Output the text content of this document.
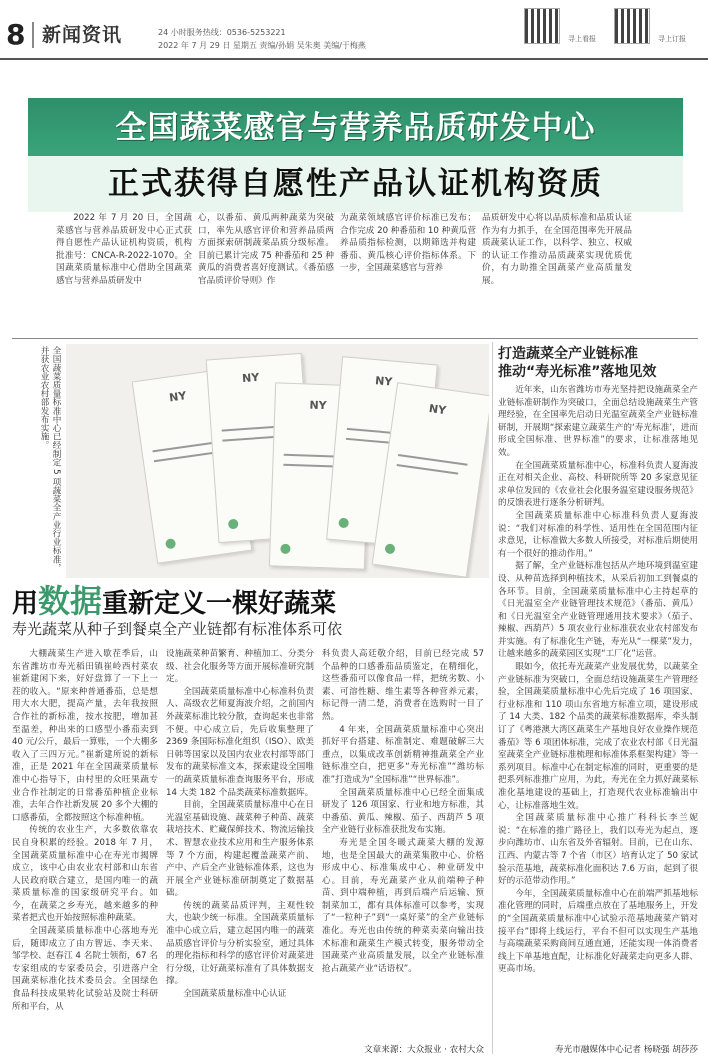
8 新闻资讯	24 小时服务热线：0536-5253221
2022 年 7 月 29 日 星期五 责编/孙娟 吴朱奥 美编/于梅燕
寻上看报	寻上订报
全国蔬菜感官与营养品质研发中心
正式获得自愿性产品认证机构资质

2022 年 7 月 20 日，全国蔬菜感官与营养品质研发中心正式获得自愿性产品认证机构资质，机构批准号：CNCA-R-2022-1070。全国蔬菜质量标准中心借助全国蔬菜感官与营养品质研发中

心，以番茄、黄瓜两种蔬菜为突破口，率先从感官评价和营养品质两方面探索研制蔬菜品质分级标准。目前已累计完成 75 种番茄和 25 种黄瓜的消费者喜好度测试。《番茄感官品质评价导则》作

为蔬菜领域感官评价标准已发布；合作完成 20 种番茄和 10 种黄瓜营养品质指标检测，以期筛选并构建番茄、黄瓜核心评价指标体系。下一步，全国蔬菜感官与营养

品质研发中心将以品质标准和品质认证作为有力抓手，在全国范围率先开展品质蔬菜认证工作，以科学、独立、权威的认证工作推动品质蔬菜实现优质优价，有力助推全国蔬菜产业高质量发展。

全国蔬菜质量标准中心已经制定 5 项蔬菜全产业行业标准，并获农业农村部发布实施。	NY
NY
NY
NY
NY
打造蔬菜全产业链标准
推动“寿光标准”落地见效

近年来，山东省潍坊市寿光坚持把设施蔬菜全产业链标准研制作为突破口，全面总结设施蔬菜生产管理经验，在全国率先启动日光温室蔬菜全产业链标准研制，开展期“探索建立蔬菜生产的‘寿光标准’，进而形成全国标准、世界标准”的要求，让标准落地见效。

在全国蔬菜质量标准中心，标准科负责人夏海波正在对相关企业、高校、科研院所等 20 多家意见征求单位发回的《农业社会化服务温室建设服务规范》的反馈表进行逐条分析研判。

全国蔬菜质量标准中心标准科负责人夏海波说：“我们对标准的科学性、适用性在全国范围内征求意见，让标准做大多数人所接受，对标准后期使用有一个很好的推动作用。”

据了解，全产业链标准包括从产地环境到温室建设、从种苗选择到种植技术，从采后初加工到餐桌的各环节。目前，全国蔬菜质量标准中心主持起草的《日光温室全产业链管理技术规范》（番茄、黄瓜）和《日光温室全产业链管理通用技术要求》（茄子、辣椒、西葫芦）5 项农业行业标准获农业农村部发布并实施。有了标准化生产链，寿光从“一棵菜”发力，让越来越多的蔬菜园区实现“工厂化”运营。

眼如今，依托寿光蔬菜产业发展优势，以蔬菜全产业链标准为突破口，全面总结设施蔬菜生产管理经验，全国蔬菜质量标准中心先后完成了 16 项国家、行业标准和 110 项山东省地方标准立项，建设形成了 14 大类、182 个品类的蔬菜标准数据库，牵头制订了《粤港澳大湾区蔬菜生产基地良好农业操作规范番茄》等 6 项团体标准，完成了农业农村部《日光温室蔬菜全产业链标准梳理和标准体系框架构建》等一系列项目。标准中心在制定标准的同时，更重要的是把系列标准推广应用，为此，寿光在全力抓好蔬菜标准化基地建设的基础上，打造现代农业标准输出中心，让标准落地生效。

全国蔬菜质量标准中心推广科科长李兰妮说：“在标准的推广路径上，我们以寿光为起点，逐步向潍坊市、山东省及外省辐射。目前，已在山东、江西、内蒙古等 7 个省（市区）培育认定了 50 家试验示范基地，蔬菜标准化面积达 7.6 万亩，起到了很好的示范带动作用。”

今年，全国蔬菜质量标准中心在前端严抓基地标准化管理的同时，后端重点放在了基地服务上，开发的“全国蔬菜质量标准中心试验示范基地蔬菜产销对接平台”即将上线运行，平台不但可以实现生产基地与高端蔬菜采购商间互通直通，还能实现一体消费者线上下单基地直配，让标准化好蔬菜走向更多人群、更高市场。

寿光市融媒体中心记者 杨晓强 胡莎莎
用数据重新定义一棵好蔬菜
寿光蔬菜从种子到餐桌全产业链都有标准体系可依

大棚蔬菜生产进入歇茬季后，山东省潍坊市寿光稻田镇崔岭西村菜农崔新建闲下来，好好盘算了一下上一茬的收入。“原来种普通番茄，总是想用大水大肥，提高产量，去年我按照合作社的新标准，按水按肥，增加甚至温差，种出来的口感型小番茄卖到 40 元/公斤，最后一算账，一个大棚多收入了三四万元。”崔新建所说的新标准，正是 2021 年在全国蔬菜质量标准中心指导下，由村里的众旺果蔬专业合作社制定的日常番茄种植企业标准，去年合作社新发展 20 多个大棚的口感番茄，全都按照这个标准种植。

传统的农业生产，大多数依靠农民自身积累的经验。2018 年 7 月，全国蔬菜质量标准中心在寿光市揭牌成立，该中心由农业农村部和山东省人民政府联合建立，是国内唯一的蔬菜质量标准的国家级研究平台。如今，在蔬菜之乡寿光，越来越多的种菜者把式也开始按照标准种蔬菜。

全国蔬菜质量标准中心落地寿光后，随即成立了由方智远、李天来、邹学校、赵春江 4 名院士领衔，67 名专家组成的专家委员会，引进落户全国蔬菜标准化技术委员会。全国绿色食品科技成果转化试验站及院士科研所和平台，从

设施蔬菜种苗繁育、种植加工、分类分级、社会化服务等方面开展标准研究制定。

全国蔬菜质量标准中心标准科负责人、高级农艺师夏海波介绍，之前国内外蔬菜标准比较分散，查询起来也非常不便。中心成立后，先后收集整理了 2369 条国际标准化组织（ISO）、欧美日韩等国家以及国内农业农村部等部门发布的蔬菜标准文本，探索建设全国唯一的蔬菜质量标准查询服务平台，形成 14 大类 182 个品类蔬菜标准数据库。

目前，全国蔬菜质量标准中心在日光温室基础设施、蔬菜种子种苗、蔬菜栽培技术、贮藏保鲜技术、物流运输技术、智慧农业技术应用和生产服务体系等 7 个方面，构建起覆盖蔬菜产前、产中、产后全产业链标准体系，这也为开展全产业链标准研制奠定了数据基础。

传统的蔬菜品质评判，主观性较大，也缺少统一标准。全国蔬菜质量标准中心成立后，建立起国内唯一的蔬菜品质感官评价与分析实验室，通过具体的理化指标和科学的感官评价对蔬菜进行分级，让好蔬菜标准有了具体数据支撑。

全国蔬菜质量标准中心认证

科负责人高廷敬介绍，目前已经完成 57 个品种的口感番茄品质鉴定，在精细化，这些番茄可以像食品一样，把统劣数、小素、可溶性糖、维生素等各种营养元素，标记得一清二楚，消费者在选购时一目了然。

4 年来，全国蔬菜质量标准中心突出抓好平台搭建、标准制定、难题破解三大重点，以集成改革创新精神推蔬菜全产业链标准空白，把更多“寿光标准”“潍坊标准”打造成为“全国标准”“世界标准”。

全国蔬菜质量标准中心已经全面集成研发了 126 项国家、行业和地方标准，其中番茄、黄瓜、辣椒、茄子、西葫芦 5 项全产业链行业标准获批发布实施。

寿光是全国冬暖式蔬菜大棚的发源地，也是全国最大的蔬菜集散中心、价格形成中心、标准集成中心、种业研发中心。目前，寿光蔬菜产业从前端种子种苗、到中端种植，再到后端产后运输、预制菜加工，都有具体标准可以参考，实现了“一粒种子”到“一桌好菜”的全产业链标准化。寿光也由传统的种菜卖菜向输出技术标准和蔬菜生产模式转变，服务带动全国蔬菜产业高质量发展，以全产业链标准抢占蔬菜产业“话语权”。

文章来源：大众报业 · 农村大众
